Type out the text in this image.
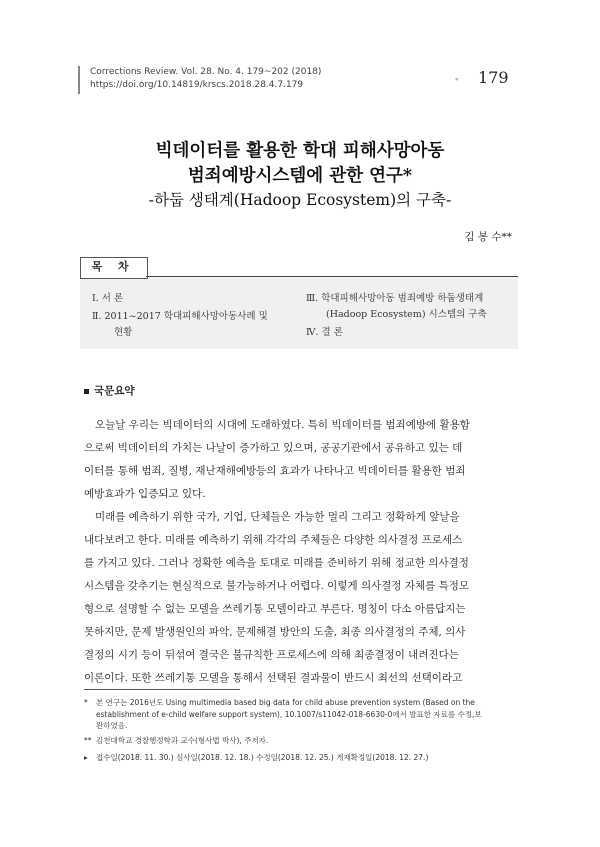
Corrections Review. Vol. 28. No. 4. 179~202 (2018)
https://doi.org/10.14819/krscs.2018.28.4.7.179
« 179
빅데이터를 활용한 학대 피해사망아동
범죄예방시스템에 관한 연구*
-하둡 생태계(Hadoop Ecosystem)의 구축-
김 봉 수**
목 차
Ⅰ. 서 론
Ⅱ. 2011~2017 학대피해사망아동사례 및
현황
Ⅲ. 학대피해사망아동 범죄예방 하둡생태계
(Hadoop Ecosystem) 시스템의 구축
Ⅳ. 결 론
국문요약
오늘날 우리는 빅데이터의 시대에 도래하였다. 특히 빅데이터를 범죄예방에 활용함
으로써 빅데이터의 가치는 나날이 증가하고 있으며, 공공기관에서 공유하고 있는 데
이터를 통해 범죄, 질병, 재난재해예방등의 효과가 나타나고 빅데이터를 활용한 범죄
예방효과가 입증되고 있다.
미래를 예측하기 위한 국가, 기업, 단체들은 가능한 멀리 그리고 정확하게 앞날을
내다보려고 한다. 미래를 예측하기 위해 각각의 주체들은 다양한 의사결정 프로세스
를 가지고 있다. 그러나 정확한 예측을 토대로 미래를 준비하기 위해 정교한 의사결정
시스템을 갖추기는 현실적으로 불가능하거나 어렵다. 이렇게 의사결정 자체를 특정모
형으로 설명할 수 없는 모델을 쓰레기통 모델이라고 부른다. 명칭이 다소 아름답지는
못하지만, 문제 발생원인의 파악, 문제해결 방안의 도출, 최종 의사결정의 주체, 의사
결정의 시기 등이 뒤섞여 결국은 불규칙한 프로세스에 의해 최종결정이 내려진다는
이론이다. 또한 쓰레기통 모델을 통해서 선택된 결과물이 반드시 최선의 선택이라고
* 본 연구는 2016년도 Using multimedia based big data for child abuse prevention system (Based on the
establishment of e-child welfare support system), 10.1007/s11042-018-6630-0에서 발표한 자료를 수정,보
완하였음.
** 김천대학교 경찰행정학과 교수(형사법 박사), 주저자.
▸ 접수일(2018. 11. 30.) 심사일(2018. 12. 18.) 수정일(2018. 12. 25.) 게재확정일(2018. 12. 27.)
